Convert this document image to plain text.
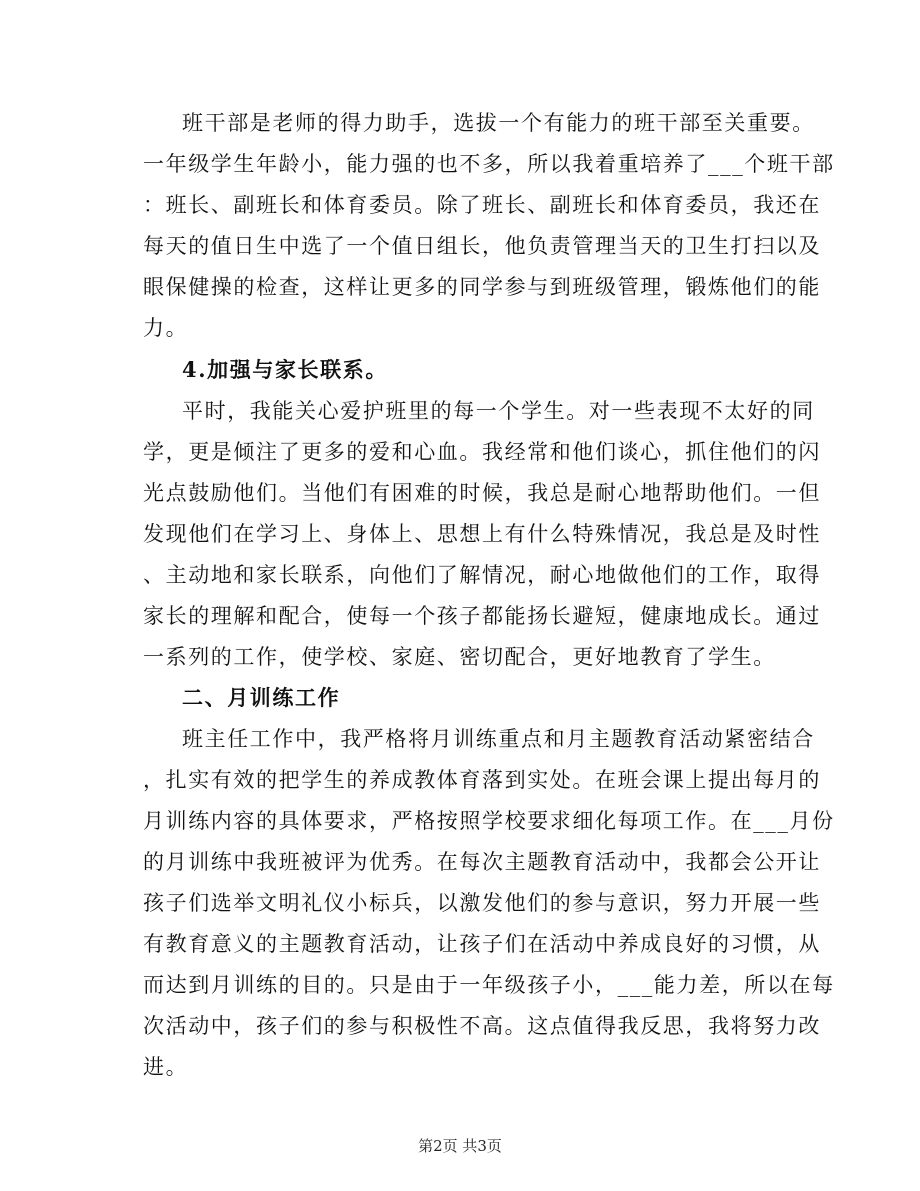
班干部是老师的得力助手，选拔一个有能力的班干部至关重要。
一年级学生年龄小，能力强的也不多，所以我着重培养了___个班干部
：班长、副班长和体育委员。除了班长、副班长和体育委员，我还在
每天的值日生中选了一个值日组长，他负责管理当天的卫生打扫以及
眼保健操的检查，这样让更多的同学参与到班级管理，锻炼他们的能
力。
4.加强与家长联系。
平时，我能关心爱护班里的每一个学生。对一些表现不太好的同
学，更是倾注了更多的爱和心血。我经常和他们谈心，抓住他们的闪
光点鼓励他们。当他们有困难的时候，我总是耐心地帮助他们。一但
发现他们在学习上、身体上、思想上有什么特殊情况，我总是及时性
、主动地和家长联系，向他们了解情况，耐心地做他们的工作，取得
家长的理解和配合，使每一个孩子都能扬长避短，健康地成长。通过
一系列的工作，使学校、家庭、密切配合，更好地教育了学生。
二、月训练工作
班主任工作中，我严格将月训练重点和月主题教育活动紧密结合
，扎实有效的把学生的养成教体育落到实处。在班会课上提出每月的
月训练内容的具体要求，严格按照学校要求细化每项工作。在___月份
的月训练中我班被评为优秀。在每次主题教育活动中，我都会公开让
孩子们选举文明礼仪小标兵，以激发他们的参与意识，努力开展一些
有教育意义的主题教育活动，让孩子们在活动中养成良好的习惯，从
而达到月训练的目的。只是由于一年级孩子小，___能力差，所以在每
次活动中，孩子们的参与积极性不高。这点值得我反思，我将努力改
进。
第2页 共3页
